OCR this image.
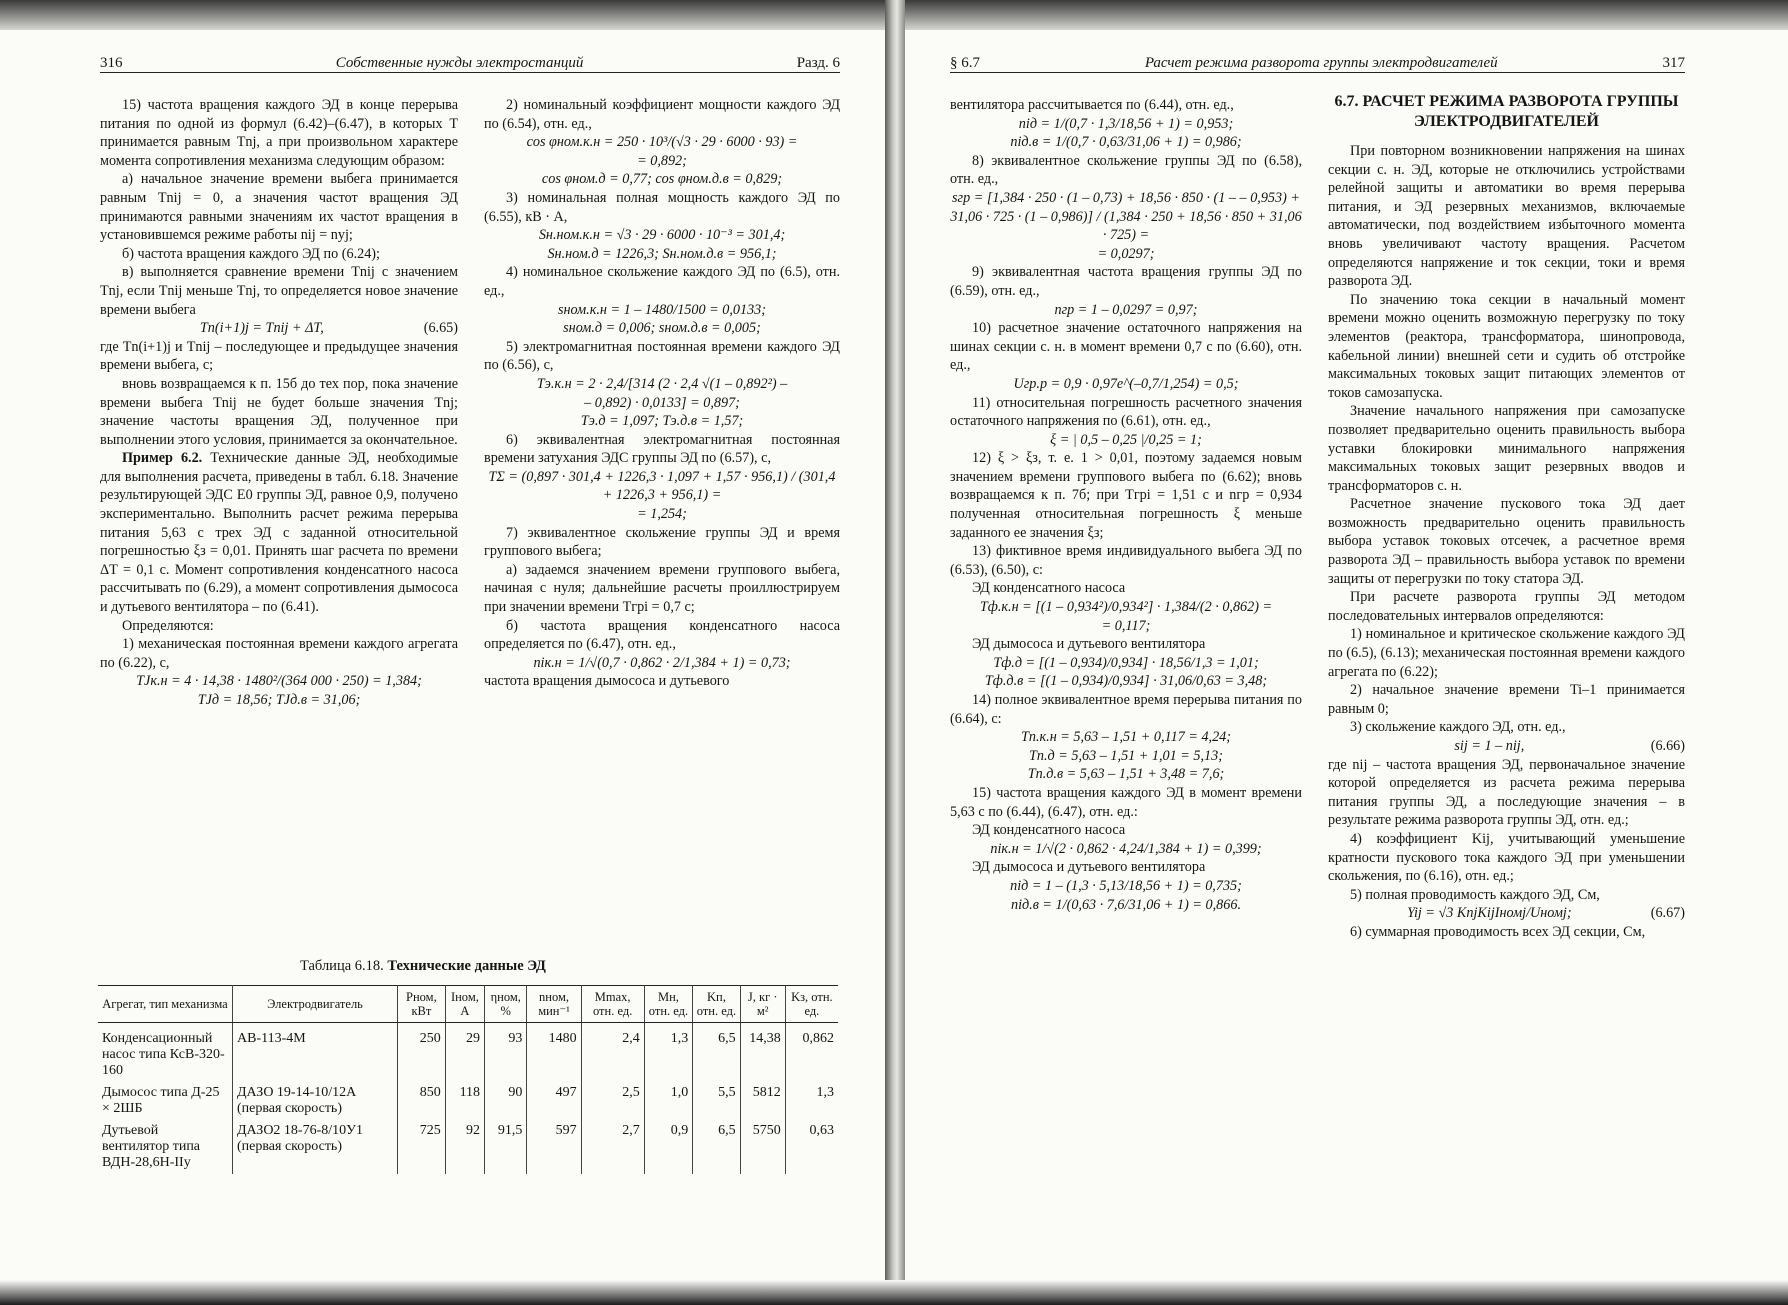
316	Собственные нужды электростанций	Разд. 6	§ 6.7	Расчет режима разворота группы электродвигателей	317

15) частота вращения каждого ЭД в конце перерыва питания по одной из формул (6.42)–(6.47), в которых T принимается равным Tnj, а при произвольном характере момента сопротивления механизма следующим образом:

а) начальное значение времени выбега принимается равным Tnij = 0, а значения частот вращения ЭД принимаются равными значениям их частот вращения в установившемся режиме работы nij = nyj;

б) частота вращения каждого ЭД по (6.24);

в) выполняется сравнение времени Tnij с значением Tnj, если Tnij меньше Tnj, то определяется новое значение времени выбега

Tn(i+1)j = Tnij + ΔT,	(6.65)

где Tn(i+1)j и Tnij – последующее и предыдущее значения времени выбега, с;

вновь возвращаемся к п. 15б до тех пор, пока значение времени выбега Tnij не будет больше значения Tnj; значение частоты вращения ЭД, полученное при выполнении этого условия, принимается за окончательное.

Пример 6.2. Технические данные ЭД, необходимые для выполнения расчета, приведены в табл. 6.18. Значение результирующей ЭДС E0 группы ЭД, равное 0,9, получено экспериментально. Выполнить расчет режима перерыва питания 5,63 с трех ЭД с заданной относительной погрешностью ξз = 0,01. Принять шаг расчета по времени ΔT = 0,1 с. Момент сопротивления конденсатного насоса рассчитывать по (6.29), а момент сопротивления дымососа и дутьевого вентилятора – по (6.41).

Определяются:

1) механическая постоянная времени каждого агрегата по (6.22), с,

TJк.н = 4 · 14,38 · 1480²/(364 000 · 250) = 1,384;

TJд = 18,56; TJд.в = 31,06;

2) номинальный коэффициент мощности каждого ЭД по (6.54), отн. ед.,

cos φном.к.н = 250 · 10³/(√3 · 29 · 6000 · 93) =

= 0,892;

cos φном.д = 0,77; cos φном.д.в = 0,829;

3) номинальная полная мощность каждого ЭД по (6.55), кВ · А,

Sн.ном.к.н = √3 · 29 · 6000 · 10⁻³ = 301,4;

Sн.ном.д = 1226,3; Sн.ном.д.в = 956,1;

4) номинальное скольжение каждого ЭД по (6.5), отн. ед.,

sном.к.н = 1 – 1480/1500 = 0,0133;

sном.д = 0,006; sном.д.в = 0,005;

5) электромагнитная постоянная времени каждого ЭД по (6.56), с,

Tэ.к.н = 2 · 2,4/[314 (2 · 2,4 √(1 – 0,892²) –

– 0,892) · 0,0133] = 0,897;

Tэ.д = 1,097; Tэ.д.в = 1,57;

6) эквивалентная электромагнитная постоянная времени затухания ЭДС группы ЭД по (6.57), с,

TΣ = (0,897 · 301,4 + 1226,3 · 1,097 + 1,57 · 956,1) / (301,4 + 1226,3 + 956,1) =

= 1,254;

7) эквивалентное скольжение группы ЭД и время группового выбега;

а) задаемся значением времени группового выбега, начиная с нуля; дальнейшие расчеты проиллюстрируем при значении времени Tгрi = 0,7 с;

б) частота вращения конденсатного насоса определяется по (6.47), отн. ед.,

niк.н = 1/√(0,7 · 0,862 · 2/1,384 + 1) = 0,73;

частота вращения дымососа и дутьевого

Таблица 6.18. Технические данные ЭД
Агрегат, тип механизма	Электродвигатель	Pном, кВт	Iном, А	ηном, %	nном, мин⁻¹	Mmax, отн. ед.	Mн, отн. ед.	Kп, отн. ед.	J, кг · м²	Kз, отн. ед.
Конденсационный насос типа КсВ-320-160	АВ-113-4М	250	29	93	1480	2,4	1,3	6,5	14,38	0,862
Дымосос типа Д-25 × 2ШБ	ДАЗО 19-14-10/12А (первая скорость)	850	118	90	497	2,5	1,0	5,5	5812	1,3
Дутьевой вентилятор типа ВДН-28,6Н-IIу	ДАЗО2 18-76-8/10У1 (первая скорость)	725	92	91,5	597	2,7	0,9	6,5	5750	0,63

вентилятора рассчитывается по (6.44), отн. ед.,

niд = 1/(0,7 · 1,3/18,56 + 1) = 0,953;

niд.в = 1/(0,7 · 0,63/31,06 + 1) = 0,986;

8) эквивалентное скольжение группы ЭД по (6.58), отн. ед.,

sгр = [1,384 · 250 · (1 – 0,73) + 18,56 · 850 · (1 – – 0,953) + 31,06 · 725 · (1 – 0,986)] / (1,384 · 250 + 18,56 · 850 + 31,06 · 725) =

= 0,0297;

9) эквивалентная частота вращения группы ЭД по (6.59), отн. ед.,

nгр = 1 – 0,0297 = 0,97;

10) расчетное значение остаточного напряжения на шинах секции с. н. в момент времени 0,7 с по (6.60), отн. ед.,

Uгр.р = 0,9 · 0,97e^(–0,7/1,254) = 0,5;

11) относительная погрешность расчетного значения остаточного напряжения по (6.61), отн. ед.,

ξ = | 0,5 – 0,25 |/0,25 = 1;

12) ξ > ξз, т. е. 1 > 0,01, поэтому задаемся новым значением времени группового выбега по (6.62); вновь возвращаемся к п. 7б; при Tгрi = 1,51 с и nгр = 0,934 полученная относительная погрешность ξ меньше заданного ее значения ξз;

13) фиктивное время индивидуального выбега ЭД по (6.53), (6.50), с:

ЭД конденсатного насоса

Tф.к.н = [(1 – 0,934²)/0,934²] · 1,384/(2 · 0,862) =

= 0,117;

ЭД дымососа и дутьевого вентилятора

Tф.д = [(1 – 0,934)/0,934] · 18,56/1,3 = 1,01;

Tф.д.в = [(1 – 0,934)/0,934] · 31,06/0,63 = 3,48;

14) полное эквивалентное время перерыва питания по (6.64), с:

Tп.к.н = 5,63 – 1,51 + 0,117 = 4,24;

Tп.д = 5,63 – 1,51 + 1,01 = 5,13;

Tп.д.в = 5,63 – 1,51 + 3,48 = 7,6;

15) частота вращения каждого ЭД в момент времени 5,63 с по (6.44), (6.47), отн. ед.:

ЭД конденсатного насоса

niк.н = 1/√(2 · 0,862 · 4,24/1,384 + 1) = 0,399;

ЭД дымососа и дутьевого вентилятора

niд = 1 – (1,3 · 5,13/18,56 + 1) = 0,735;

niд.в = 1/(0,63 · 7,6/31,06 + 1) = 0,866.

6.7. РАСЧЕТ РЕЖИМА РАЗВОРОТА ГРУППЫ ЭЛЕКТРОДВИГАТЕЛЕЙ

При повторном возникновении напряжения на шинах секции с. н. ЭД, которые не отключились устройствами релейной защиты и автоматики во время перерыва питания, и ЭД резервных механизмов, включаемые автоматически, под воздействием избыточного момента вновь увеличивают частоту вращения. Расчетом определяются напряжение и ток секции, токи и время разворота ЭД.

По значению тока секции в начальный момент времени можно оценить возможную перегрузку по току элементов (реактора, трансформатора, шинопровода, кабельной линии) внешней сети и судить об отстройке максимальных токовых защит питающих элементов от токов самозапуска.

Значение начального напряжения при самозапуске позволяет предварительно оценить правильность выбора уставки блокировки минимального напряжения максимальных токовых защит резервных вводов и трансформаторов с. н.

Расчетное значение пускового тока ЭД дает возможность предварительно оценить правильность выбора уставок токовых отсечек, а расчетное время разворота ЭД – правильность выбора уставок по времени защиты от перегрузки по току статора ЭД.

При расчете разворота группы ЭД методом последовательных интервалов определяются:

1) номинальное и критическое скольжение каждого ЭД по (6.5), (6.13); механическая постоянная времени каждого агрегата по (6.22);

2) начальное значение времени Ti–1 принимается равным 0;

3) скольжение каждого ЭД, отн. ед.,

sij = 1 – nij,	(6.66)

где nij – частота вращения ЭД, первоначальное значение которой определяется из расчета режима перерыва питания группы ЭД, а последующие значения – в результате режима разворота группы ЭД, отн. ед.;

4) коэффициент Kij, учитывающий уменьшение кратности пускового тока каждого ЭД при уменьшении скольжения, по (6.16), отн. ед.;

5) полная проводимость каждого ЭД, См,

Yij = √3 KпjKijIномj/Uномj;	(6.67)

6) суммарная проводимость всех ЭД секции, См,
